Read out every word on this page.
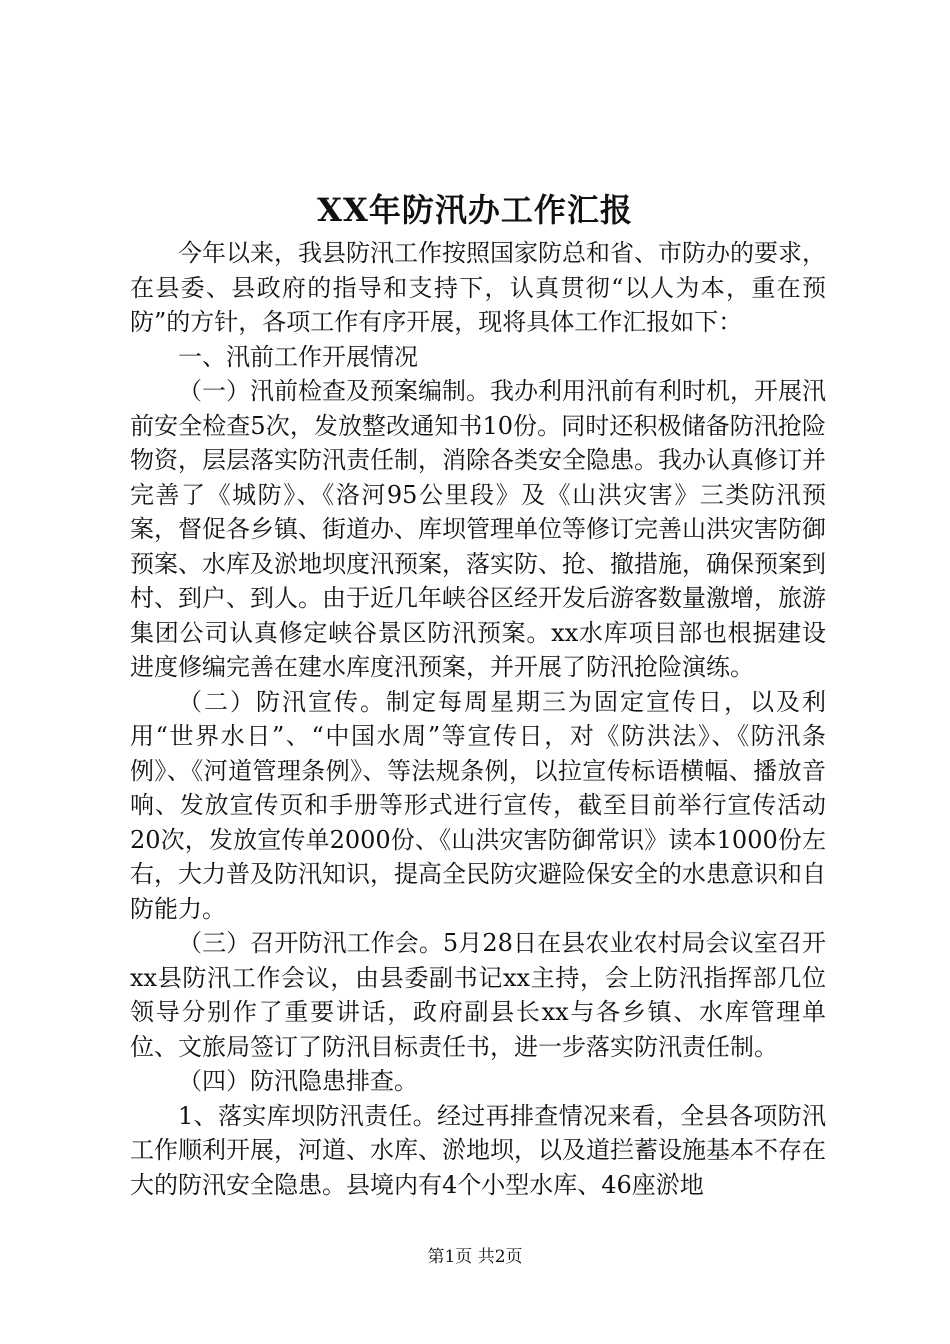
XX年防汛办工作汇报

今年以来，我县防汛工作按照国家防总和省、市防办的要求，在县委、县政府的指导和支持下，认真贯彻“以人为本，重在预防”的方针，各项工作有序开展，现将具体工作汇报如下：

一、汛前工作开展情况

（一）汛前检查及预案编制。我办利用汛前有利时机，开展汛前安全检查5次，发放整改通知书10份。同时还积极储备防汛抢险物资，层层落实防汛责任制，消除各类安全隐患。我办认真修订并完善了《城防》、《洛河95公里段》及《山洪灾害》三类防汛预案，督促各乡镇、街道办、库坝管理单位等修订完善山洪灾害防御预案、水库及淤地坝度汛预案，落实防、抢、撤措施，确保预案到村、到户、到人。由于近几年峡谷区经开发后游客数量激增，旅游集团公司认真修定峡谷景区防汛预案。xx水库项目部也根据建设进度修编完善在建水库度汛预案，并开展了防汛抢险演练。

（二）防汛宣传。制定每周星期三为固定宣传日，以及利用“世界水日”、“中国水周”等宣传日，对《防洪法》、《防汛条例》、《河道管理条例》、等法规条例，以拉宣传标语横幅、播放音响、发放宣传页和手册等形式进行宣传，截至目前举行宣传活动20次，发放宣传单2000份、《山洪灾害防御常识》读本1000份左右，大力普及防汛知识，提高全民防灾避险保安全的水患意识和自防能力。

（三）召开防汛工作会。5月28日在县农业农村局会议室召开xx县防汛工作会议，由县委副书记xx主持，会上防汛指挥部几位领导分别作了重要讲话，政府副县长xx与各乡镇、水库管理单位、文旅局签订了防汛目标责任书，进一步落实防汛责任制。

（四）防汛隐患排查。

1、落实库坝防汛责任。经过再排查情况来看，全县各项防汛工作顺利开展，河道、水库、淤地坝，以及道拦蓄设施基本不存在大的防汛安全隐患。县境内有4个小型水库、46座淤地

第1页 共2页
